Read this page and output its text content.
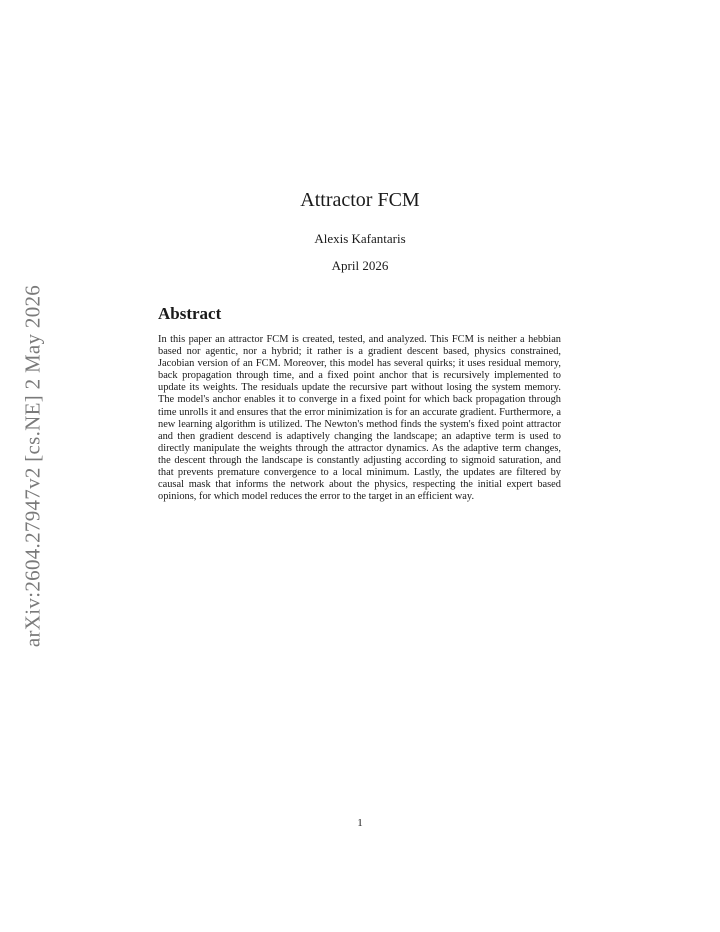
arXiv:2604.27947v2 [cs.NE] 2 May 2026
Attractor FCM
Alexis Kafantaris
April 2026
Abstract
In this paper an attractor FCM is created, tested, and analyzed. This FCM is neither a hebbian based nor agentic, nor a hybrid; it rather is a gradient descent based, physics constrained, Jacobian version of an FCM. Moreover, this model has several quirks; it uses residual memory, back propagation through time, and a fixed point anchor that is recursively implemented to update its weights. The residuals update the recursive part without losing the system memory. The model's anchor enables it to converge in a fixed point for which back propagation through time unrolls it and ensures that the error minimization is for an accurate gradient. Furthermore, a new learning algorithm is utilized. The Newton's method finds the system's fixed point attractor and then gradient descend is adaptively changing the landscape; an adaptive term is used to directly manipulate the weights through the attractor dynamics. As the adaptive term changes, the descent through the landscape is constantly adjusting according to sigmoid saturation, and that prevents premature convergence to a local minimum. Lastly, the updates are filtered by causal mask that informs the network about the physics, respecting the initial expert based opinions, for which model reduces the error to the target in an efficient way.
1
